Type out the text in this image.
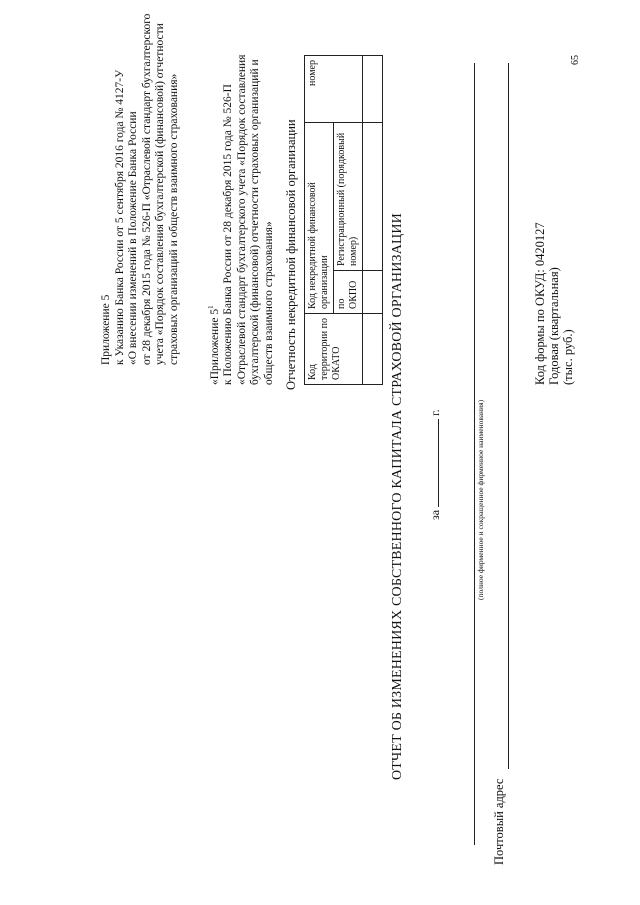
Приложение 5 к Указанию Банка России от 5 сентября 2016 года № 4127-У «О внесении изменений в Положение Банка России от 28 декабря 2015 года № 526-П «Отраслевой стандарт бухгалтерского учета «Порядок составления бухгалтерской (финансовой) отчетности страховых организаций и обществ взаимного страхования»	«Приложение $5^1$ к Положению Банка России от 28 декабря 2015 года № 526-П «Отраслевой стандарт бухгалтерского учета «Порядок составления бухгалтерской (финансовой) отчетности страховых организаций и обществ взаимного страхования» Отчетность некредитной финансовой организации Код территории по ОКАТО	Код некредитной финансовой организации		номер
	по ОКПО	Регистрационный (порядковый номер)	
			ОТЧЕТ ОБ ИЗМЕНЕНИЯХ СОБСТВЕННОГО КАПИТАЛА СТРАХОВОЙ ОРГАНИЗАЦИИ за  г.	(полное фирменное и сокращенное фирменное наименования)
Почтовый адрес
Код формы по ОКУД: 0420127 Годовая (квартальная) (тыс. руб.)
65
